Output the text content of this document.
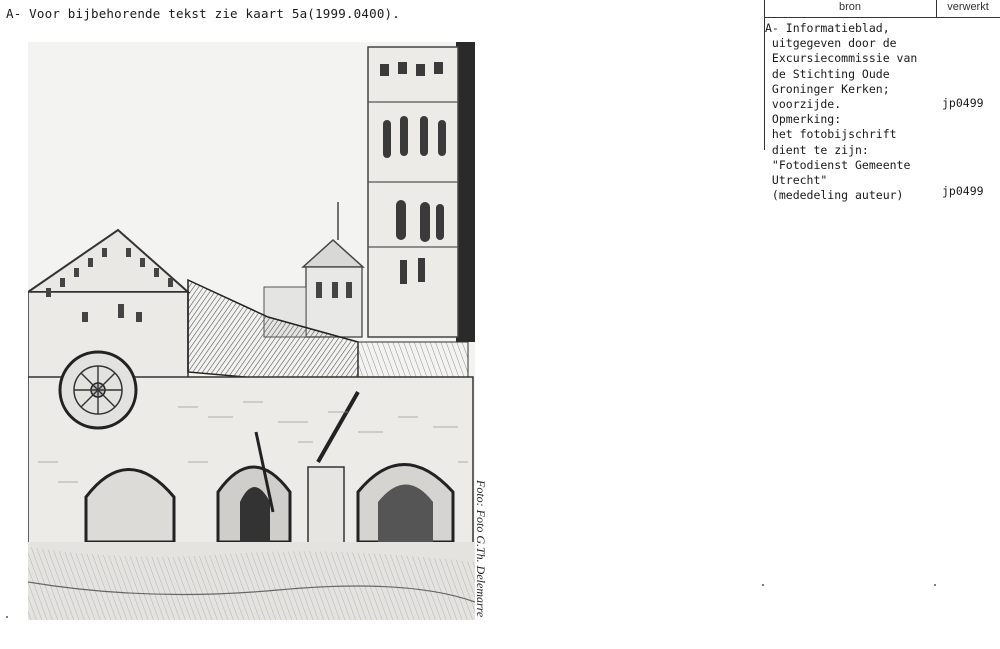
A- Voor bijbehorende tekst zie kaart 5a(1999.0400).
Foto: Foto G.Th. Delemarre
bron	verwerkt
A- Informatieblad,
uitgegeven door de
Excursiecommissie van
de Stichting Oude
Groninger Kerken;
voorzijde.
Opmerking:
het fotobijschrift
dient te zijn:
"Fotodienst Gemeente
Utrecht"
(mededeling auteur)
jp0499
jp0499
